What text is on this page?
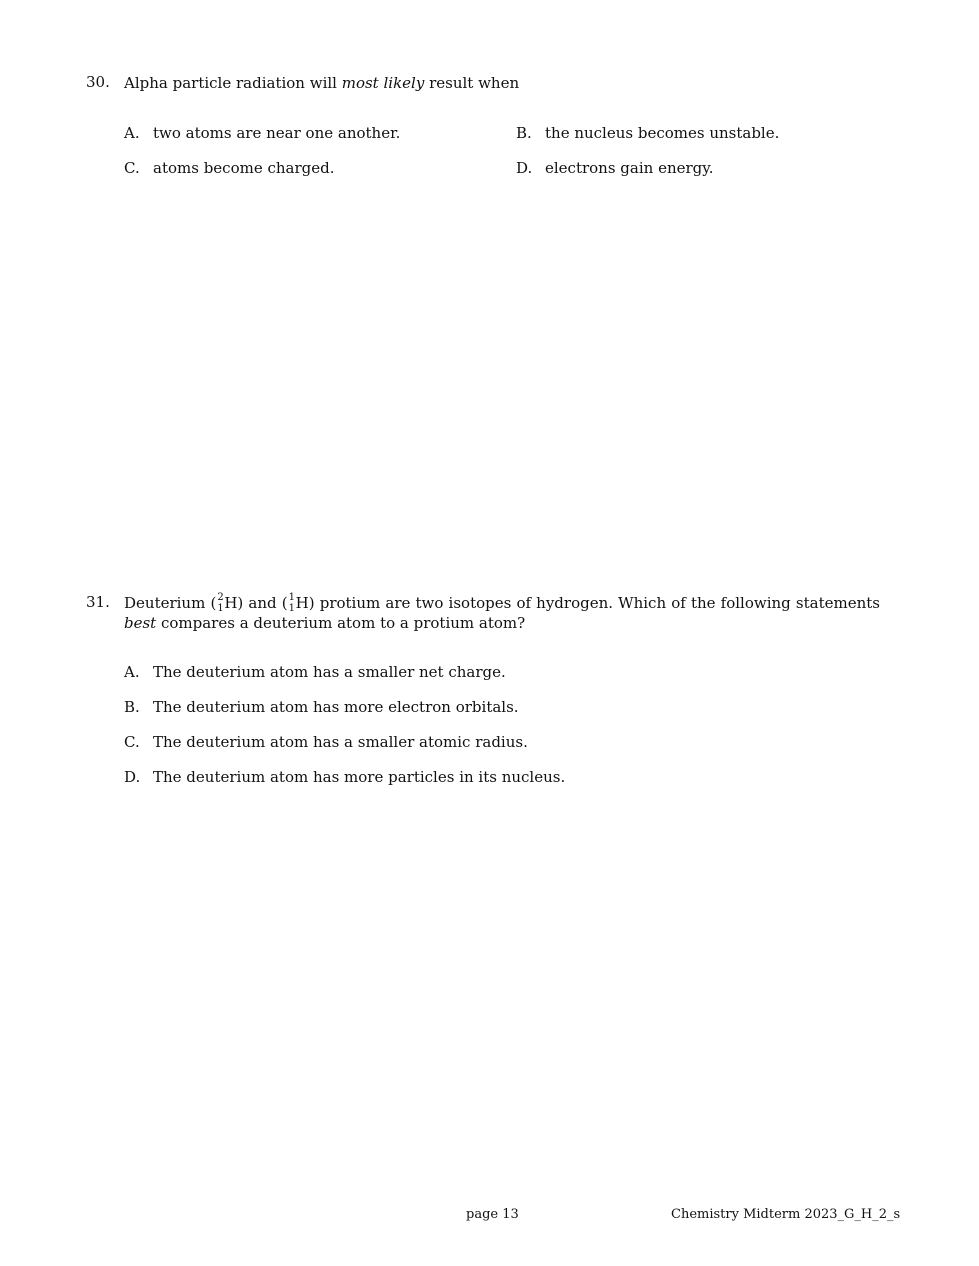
30. Alpha particle radiation will most likely result when
A. two atoms are near one another.	B. the nucleus becomes unstable.
C. atoms become charged.	D. electrons gain energy.
31. Deuterium ( 2
1 H) and ( 1
1 H) protium are two isotopes of hydrogen. Which of the following statements best compares a deuterium atom to a protium atom?
A. The deuterium atom has a smaller net charge.
B. The deuterium atom has more electron orbitals.
C. The deuterium atom has a smaller atomic radius.
D. The deuterium atom has more particles in its nucleus.
page 13	Chemistry Midterm 2023_G_H_2_s
